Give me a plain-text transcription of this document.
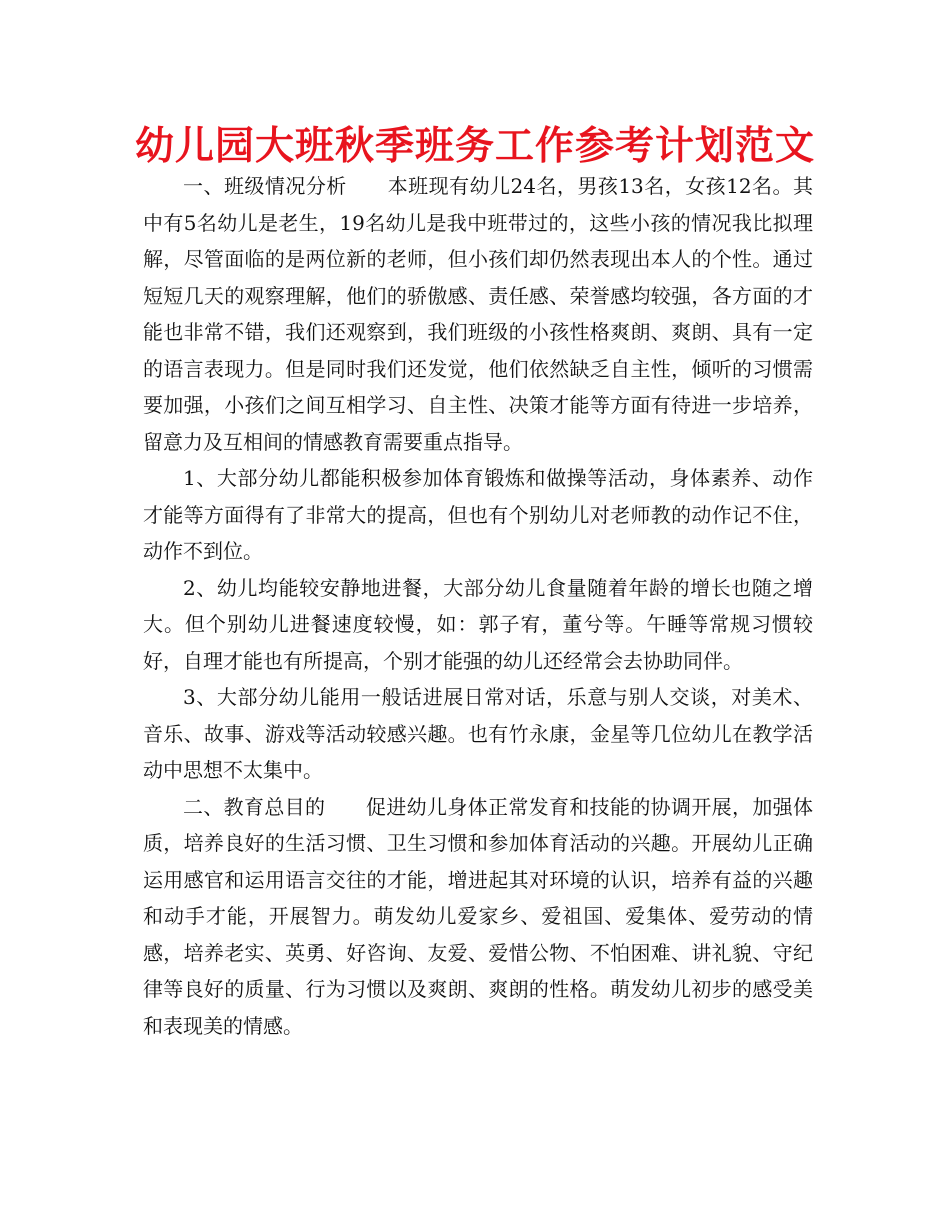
幼儿园大班秋季班务工作参考计划范文

一、班级情况分析　　本班现有幼儿24名，男孩13名，女孩12名。其中有5名幼儿是老生，19名幼儿是我中班带过的，这些小孩的情况我比拟理解，尽管面临的是两位新的老师，但小孩们却仍然表现出本人的个性。通过短短几天的观察理解，他们的骄傲感、责任感、荣誉感均较强，各方面的才能也非常不错，我们还观察到，我们班级的小孩性格爽朗、爽朗、具有一定的语言表现力。但是同时我们还发觉，他们依然缺乏自主性，倾听的习惯需要加强，小孩们之间互相学习、自主性、决策才能等方面有待进一步培养，留意力及互相间的情感教育需要重点指导。

1、大部分幼儿都能积极参加体育锻炼和做操等活动，身体素养、动作才能等方面得有了非常大的提高，但也有个别幼儿对老师教的动作记不住，动作不到位。

2、幼儿均能较安静地进餐，大部分幼儿食量随着年龄的增长也随之增大。但个别幼儿进餐速度较慢，如：郭子宥，董兮等。午睡等常规习惯较好，自理才能也有所提高，个别才能强的幼儿还经常会去协助同伴。

3、大部分幼儿能用一般话进展日常对话，乐意与别人交谈，对美术、音乐、故事、游戏等活动较感兴趣。也有竹永康，金星等几位幼儿在教学活动中思想不太集中。

二、教育总目的　　促进幼儿身体正常发育和技能的协调开展，加强体质，培养良好的生活习惯、卫生习惯和参加体育活动的兴趣。开展幼儿正确运用感官和运用语言交往的才能，增进起其对环境的认识，培养有益的兴趣和动手才能，开展智力。萌发幼儿爱家乡、爱祖国、爱集体、爱劳动的情感，培养老实、英勇、好咨询、友爱、爱惜公物、不怕困难、讲礼貌、守纪律等良好的质量、行为习惯以及爽朗、爽朗的性格。萌发幼儿初步的感受美和表现美的情感。
